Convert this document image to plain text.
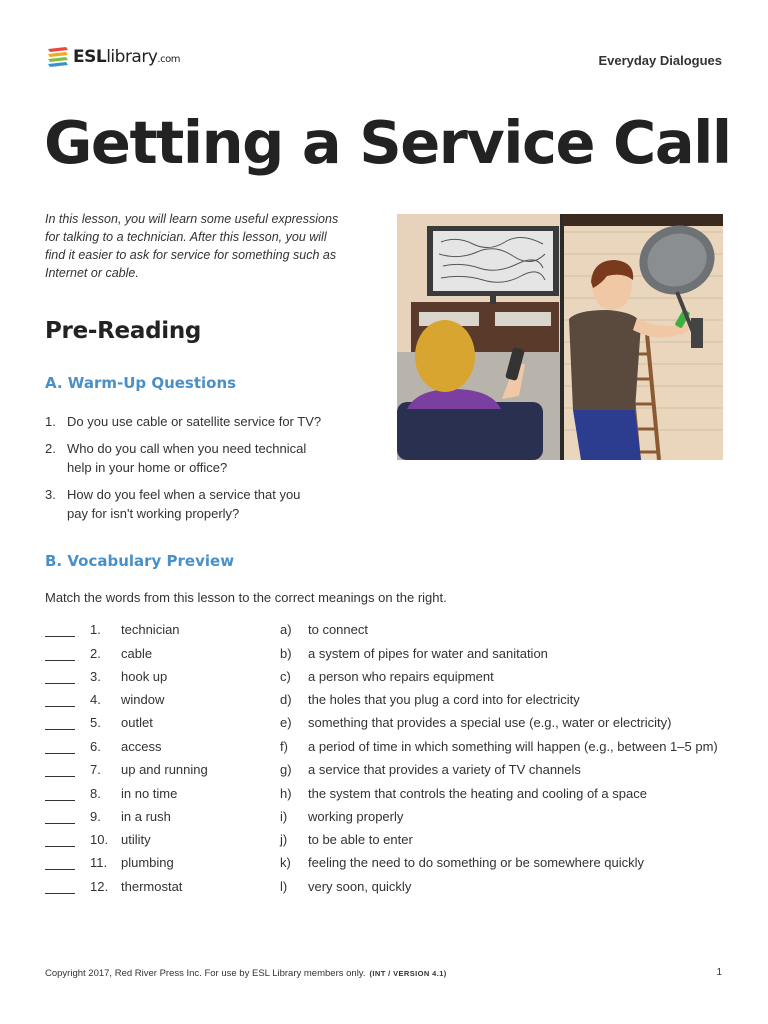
ESLlibrary.com	Everyday Dialogues
Getting a Service Call

In this lesson, you will learn some useful expressions for talking to a technician. After this lesson, you will find it easier to ask for service for something such as Internet or cable.

Pre-Reading
A. Warm-Up Questions
1. Do you use cable or satellite service for TV?
2. Who do you call when you need technical help in your home or office?
3. How do you feel when a service that you pay for isn't working properly?
B. Vocabulary Preview
Match the words from this lesson to the correct meanings on the right.
1. technician	a) to connect
2. cable	b) a system of pipes for water and sanitation
3. hook up	c) a person who repairs equipment
4. window	d) the holes that you plug a cord into for electricity
5. outlet	e) something that provides a special use (e.g., water or electricity)
6. access	f) a period of time in which something will happen (e.g., between 1–5 pm)
7. up and running	g) a service that provides a variety of TV channels
8. in no time	h) the system that controls the heating and cooling of a space
9. in a rush	i) working properly
10. utility	j) to be able to enter
11. plumbing	k) feeling the need to do something or be somewhere quickly
12. thermostat	l) very soon, quickly
Copyright 2017, Red River Press Inc. For use by ESL Library members only. (INT / VERSION 4.1)	1
